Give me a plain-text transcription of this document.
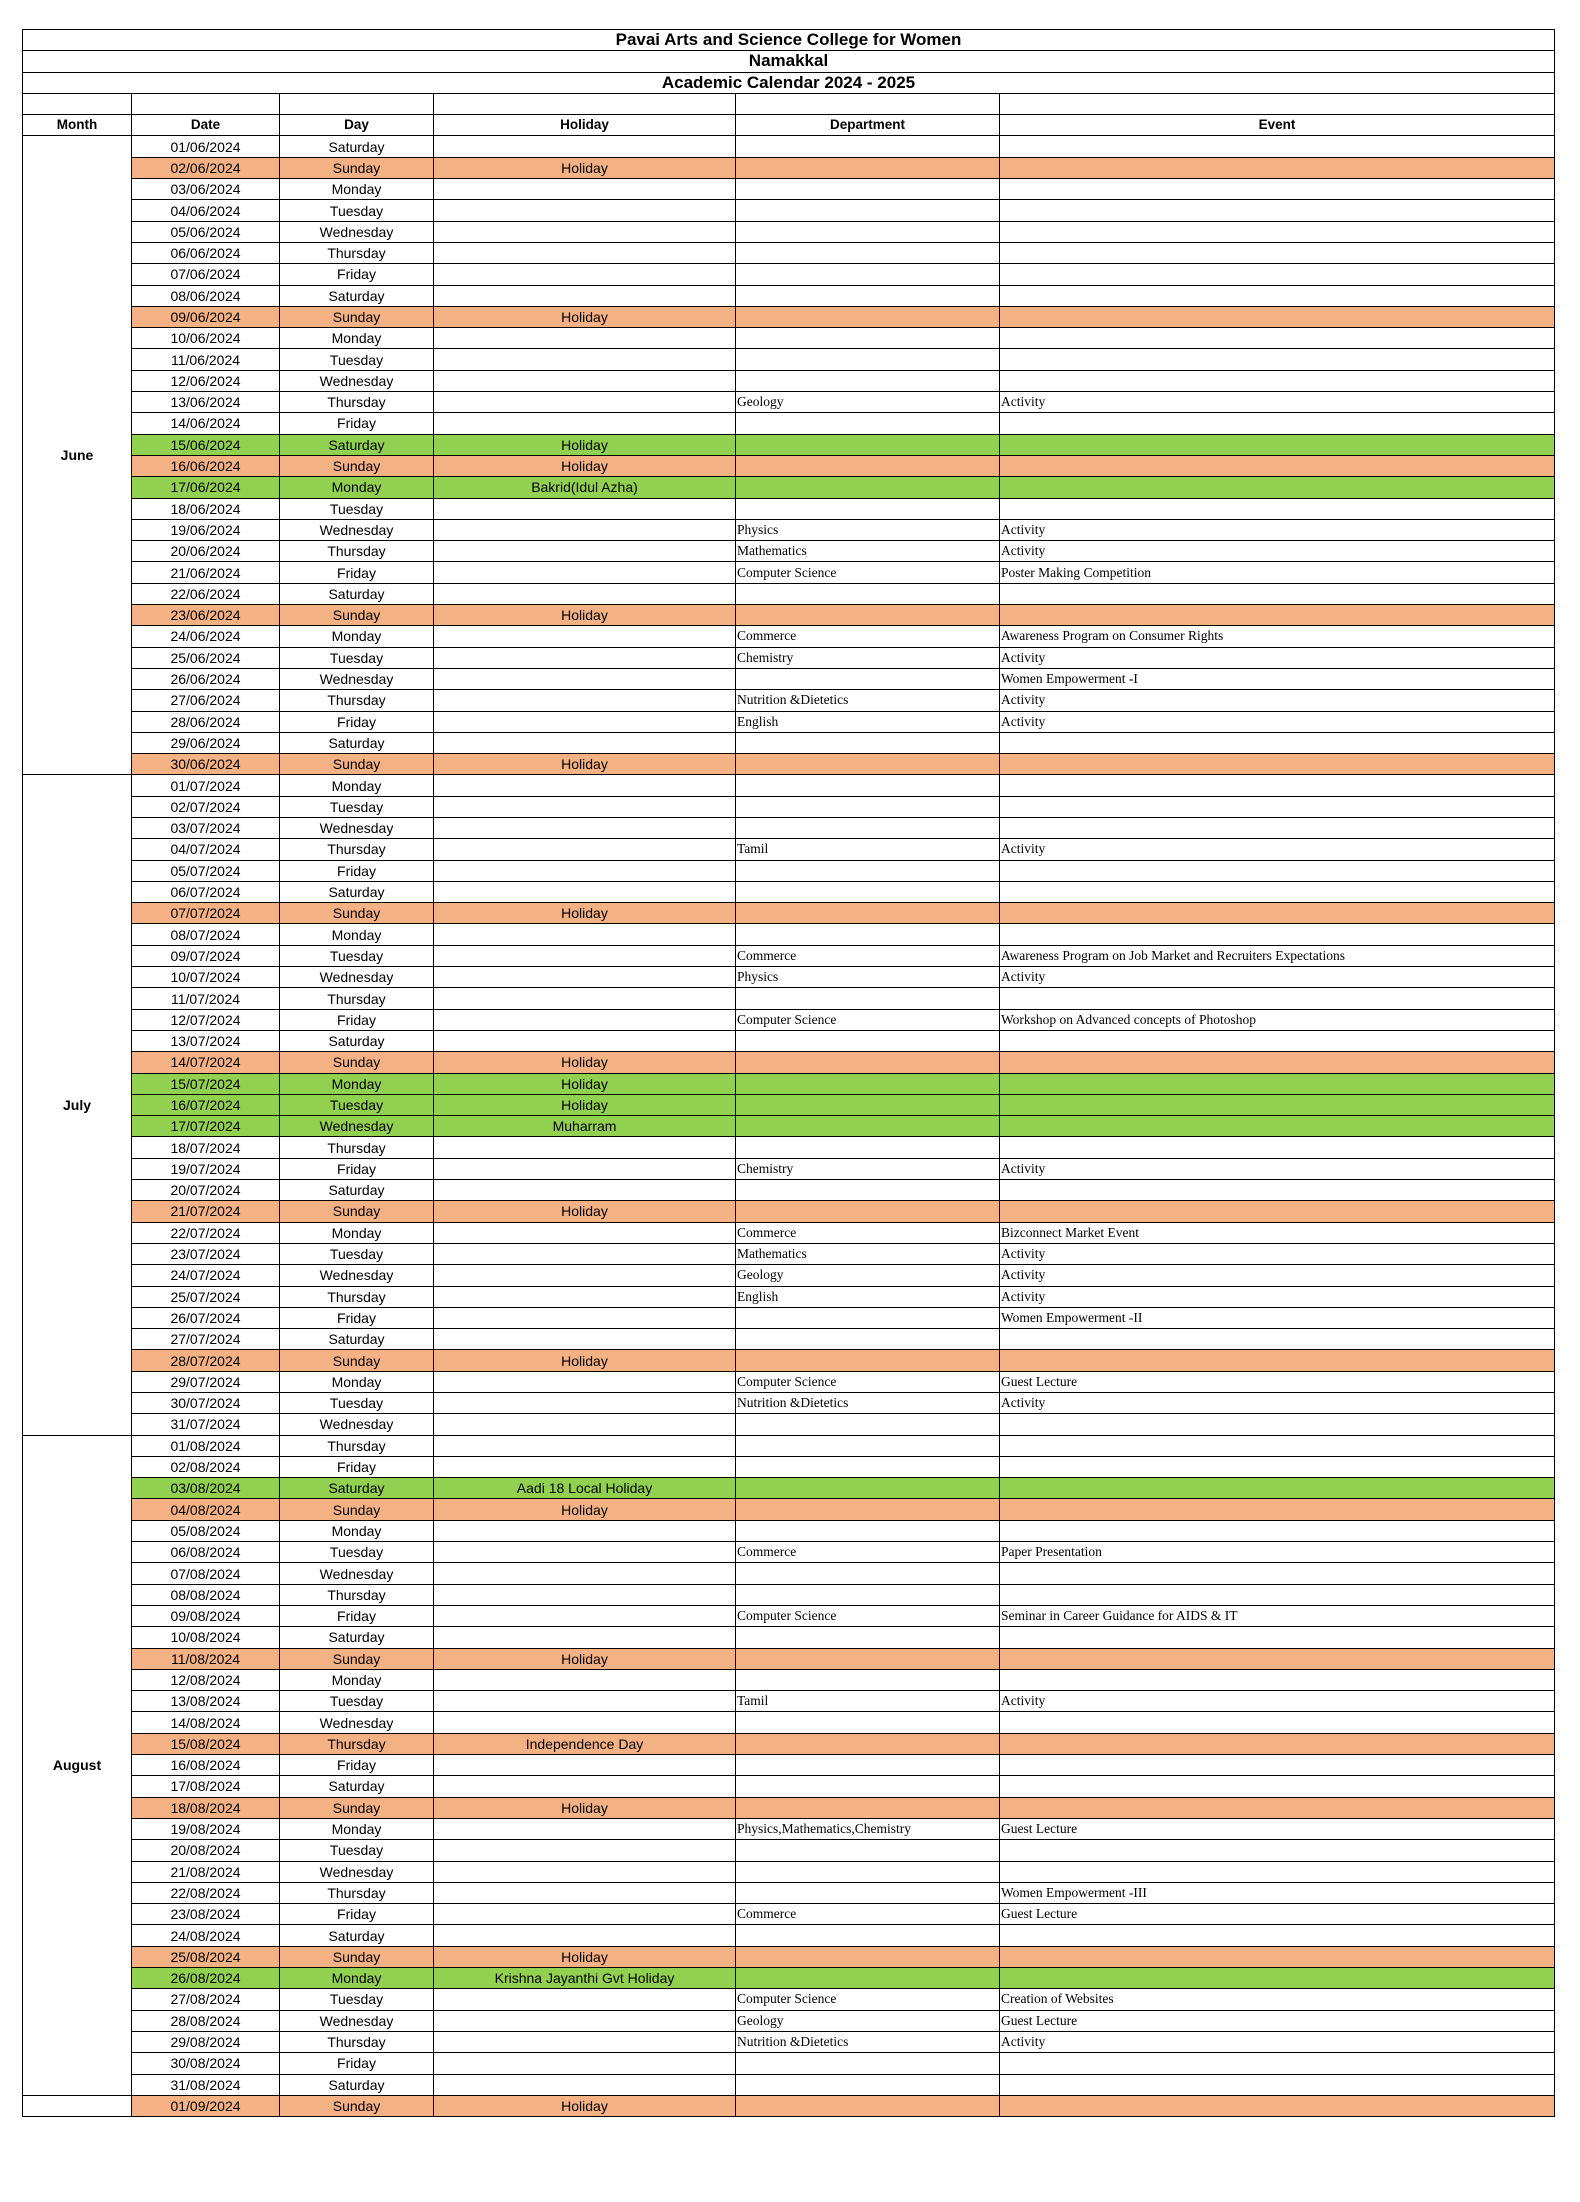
Pavai Arts and Science College for Women					
Namakkal					
Academic Calendar 2024 - 2025					

Month	Date	Day	Holiday	Department	Event
June	01/06/2024	Saturday			
	02/06/2024	Sunday	Holiday		
	03/06/2024	Monday			
	04/06/2024	Tuesday			
	05/06/2024	Wednesday			
	06/06/2024	Thursday			
	07/06/2024	Friday			
	08/06/2024	Saturday			
	09/06/2024	Sunday	Holiday		
	10/06/2024	Monday			
	11/06/2024	Tuesday			
	12/06/2024	Wednesday			
	13/06/2024	Thursday		Geology	Activity
	14/06/2024	Friday			
	15/06/2024	Saturday	Holiday		
	16/06/2024	Sunday	Holiday		
	17/06/2024	Monday	Bakrid(Idul Azha)		
	18/06/2024	Tuesday			
	19/06/2024	Wednesday		Physics	Activity
	20/06/2024	Thursday		Mathematics	Activity
	21/06/2024	Friday		Computer Science	Poster Making Competition
	22/06/2024	Saturday			
	23/06/2024	Sunday	Holiday		
	24/06/2024	Monday		Commerce	Awareness Program on Consumer Rights
	25/06/2024	Tuesday		Chemistry	Activity
	26/06/2024	Wednesday			Women Empowerment -I
	27/06/2024	Thursday		Nutrition &Dietetics	Activity
	28/06/2024	Friday		English	Activity
	29/06/2024	Saturday			
	30/06/2024	Sunday	Holiday		
July	01/07/2024	Monday			
	02/07/2024	Tuesday			
	03/07/2024	Wednesday			
	04/07/2024	Thursday		Tamil	Activity
	05/07/2024	Friday			
	06/07/2024	Saturday			
	07/07/2024	Sunday	Holiday		
	08/07/2024	Monday			
	09/07/2024	Tuesday		Commerce	Awareness Program on Job Market and Recruiters Expectations
	10/07/2024	Wednesday		Physics	Activity
	11/07/2024	Thursday			
	12/07/2024	Friday		Computer Science	Workshop on Advanced concepts of Photoshop
	13/07/2024	Saturday			
	14/07/2024	Sunday	Holiday		
	15/07/2024	Monday	Holiday		
	16/07/2024	Tuesday	Holiday		
	17/07/2024	Wednesday	Muharram		
	18/07/2024	Thursday			
	19/07/2024	Friday		Chemistry	Activity
	20/07/2024	Saturday			
	21/07/2024	Sunday	Holiday		
	22/07/2024	Monday		Commerce	Bizconnect Market Event
	23/07/2024	Tuesday		Mathematics	Activity
	24/07/2024	Wednesday		Geology	Activity
	25/07/2024	Thursday		English	Activity
	26/07/2024	Friday			Women Empowerment -II
	27/07/2024	Saturday			
	28/07/2024	Sunday	Holiday		
	29/07/2024	Monday		Computer Science	Guest Lecture
	30/07/2024	Tuesday		Nutrition &Dietetics	Activity
	31/07/2024	Wednesday			
August	01/08/2024	Thursday			
	02/08/2024	Friday			
	03/08/2024	Saturday	Aadi 18 Local Holiday		
	04/08/2024	Sunday	Holiday		
	05/08/2024	Monday			
	06/08/2024	Tuesday		Commerce	Paper Presentation
	07/08/2024	Wednesday			
	08/08/2024	Thursday			
	09/08/2024	Friday		Computer Science	Seminar in Career Guidance for AIDS & IT
	10/08/2024	Saturday			
	11/08/2024	Sunday	Holiday		
	12/08/2024	Monday			
	13/08/2024	Tuesday		Tamil	Activity
	14/08/2024	Wednesday			
	15/08/2024	Thursday	Independence Day		
	16/08/2024	Friday			
	17/08/2024	Saturday			
	18/08/2024	Sunday	Holiday		
	19/08/2024	Monday		Physics,Mathematics,Chemistry	Guest Lecture
	20/08/2024	Tuesday			
	21/08/2024	Wednesday			
	22/08/2024	Thursday			Women Empowerment -III
	23/08/2024	Friday		Commerce	Guest Lecture
	24/08/2024	Saturday			
	25/08/2024	Sunday	Holiday		
	26/08/2024	Monday	Krishna Jayanthi Gvt Holiday		
	27/08/2024	Tuesday		Computer Science	Creation of Websites
	28/08/2024	Wednesday		Geology	Guest Lecture
	29/08/2024	Thursday		Nutrition &Dietetics	Activity
	30/08/2024	Friday			
	31/08/2024	Saturday			
	01/09/2024	Sunday	Holiday		
